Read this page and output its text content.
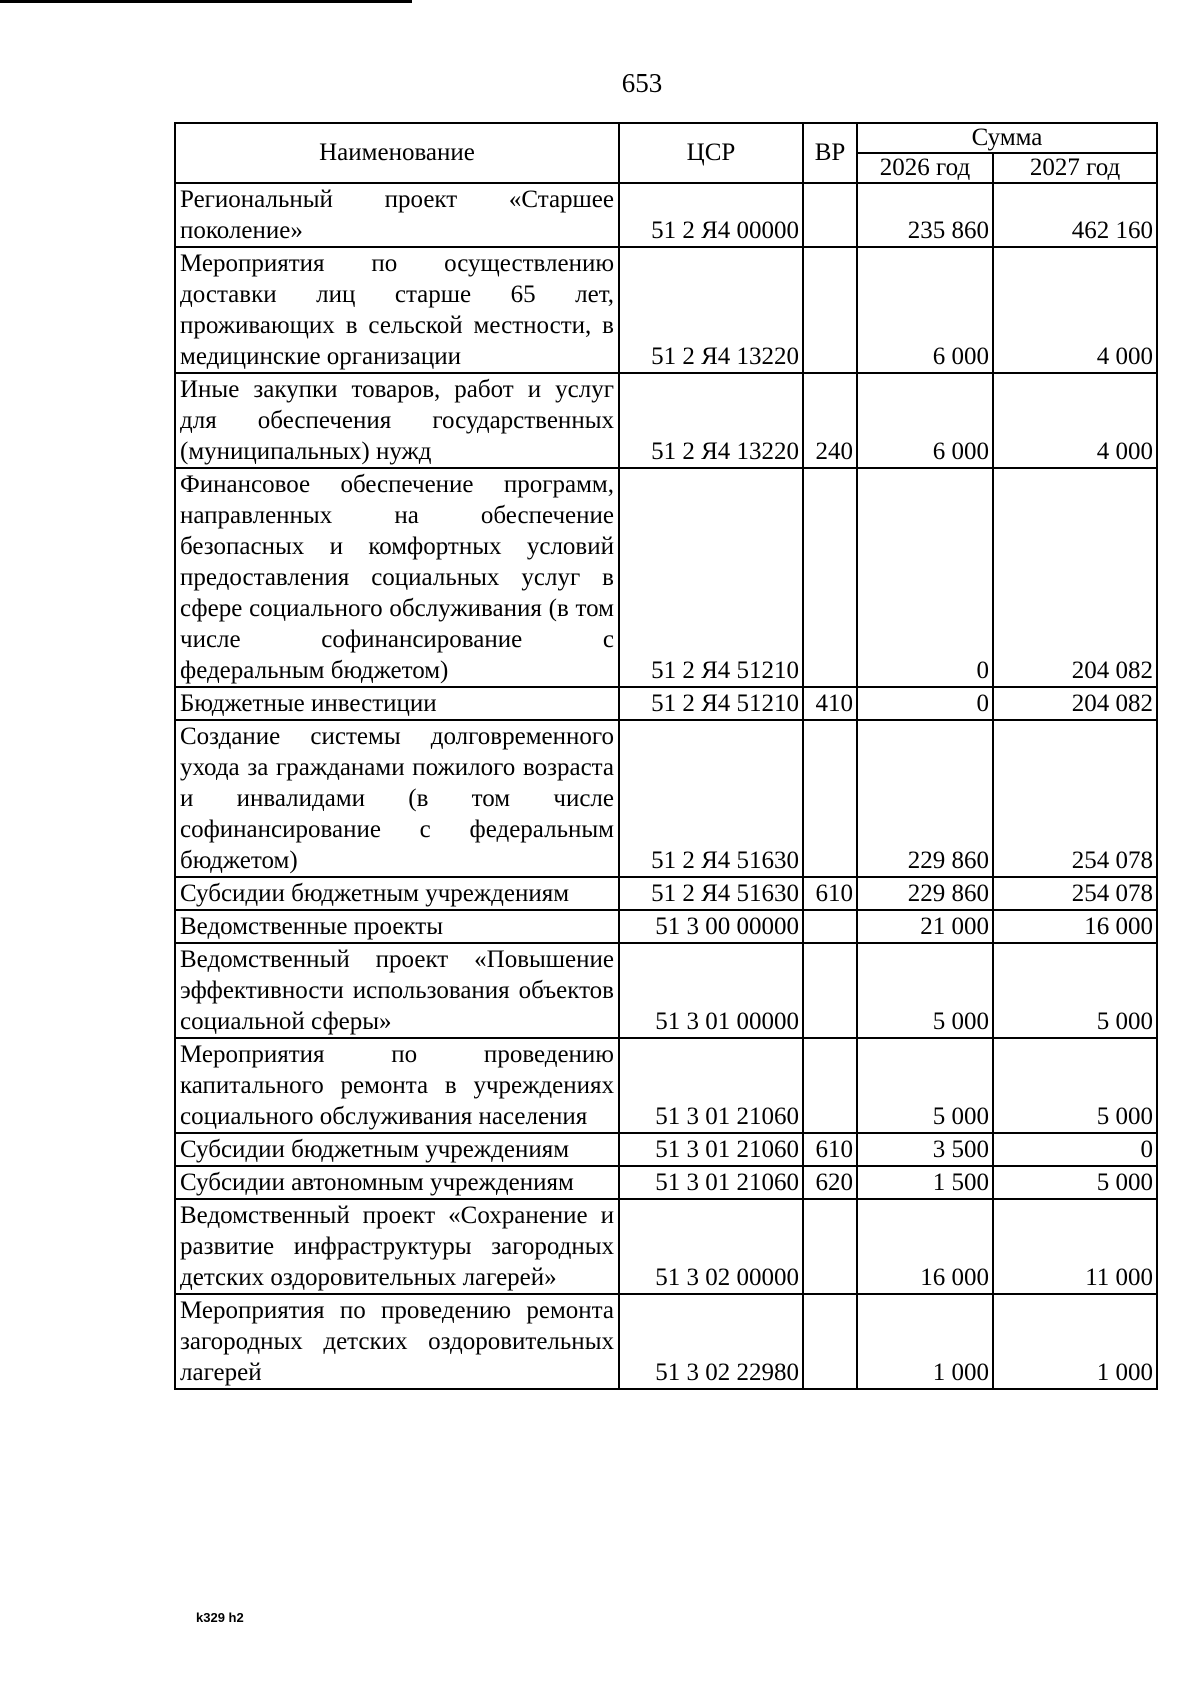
653
Наименование	ЦСР	ВР	Сумма	
			2026 год	2027 год
Региональный проект «Старшее поколение»	51 2 Я4 00000		235 860	462 160
Мероприятия по осуществлению доставки лиц старше 65 лет, проживающих в сельской местности, в медицинские организации	51 2 Я4 13220		6 000	4 000
Иные закупки товаров, работ и услуг для обеспечения государственных (муниципальных) нужд	51 2 Я4 13220	240	6 000	4 000
Финансовое обеспечение программ, направленных на обеспечение безопасных и комфортных условий предоставления социальных услуг в сфере социального обслуживания (в том числе софинансирование с федеральным бюджетом)	51 2 Я4 51210		0	204 082
Бюджетные инвестиции	51 2 Я4 51210	410	0	204 082
Создание системы долговременного ухода за гражданами пожилого возраста и инвалидами (в том числе софинансирование с федеральным бюджетом)	51 2 Я4 51630		229 860	254 078
Субсидии бюджетным учреждениям	51 2 Я4 51630	610	229 860	254 078
Ведомственные проекты	51 3 00 00000		21 000	16 000
Ведомственный проект «Повышение эффективности использования объектов социальной сферы»	51 3 01 00000		5 000	5 000
Мероприятия по проведению капитального ремонта в учреждениях социального обслуживания населения	51 3 01 21060		5 000	5 000
Субсидии бюджетным учреждениям	51 3 01 21060	610	3 500	0
Субсидии автономным учреждениям	51 3 01 21060	620	1 500	5 000
Ведомственный проект «Сохранение и развитие инфраструктуры загородных детских оздоровительных лагерей»	51 3 02 00000		16 000	11 000
Мероприятия по проведению ремонта загородных детских оздоровительных лагерей	51 3 02 22980		1 000	1 000
k329 h2
